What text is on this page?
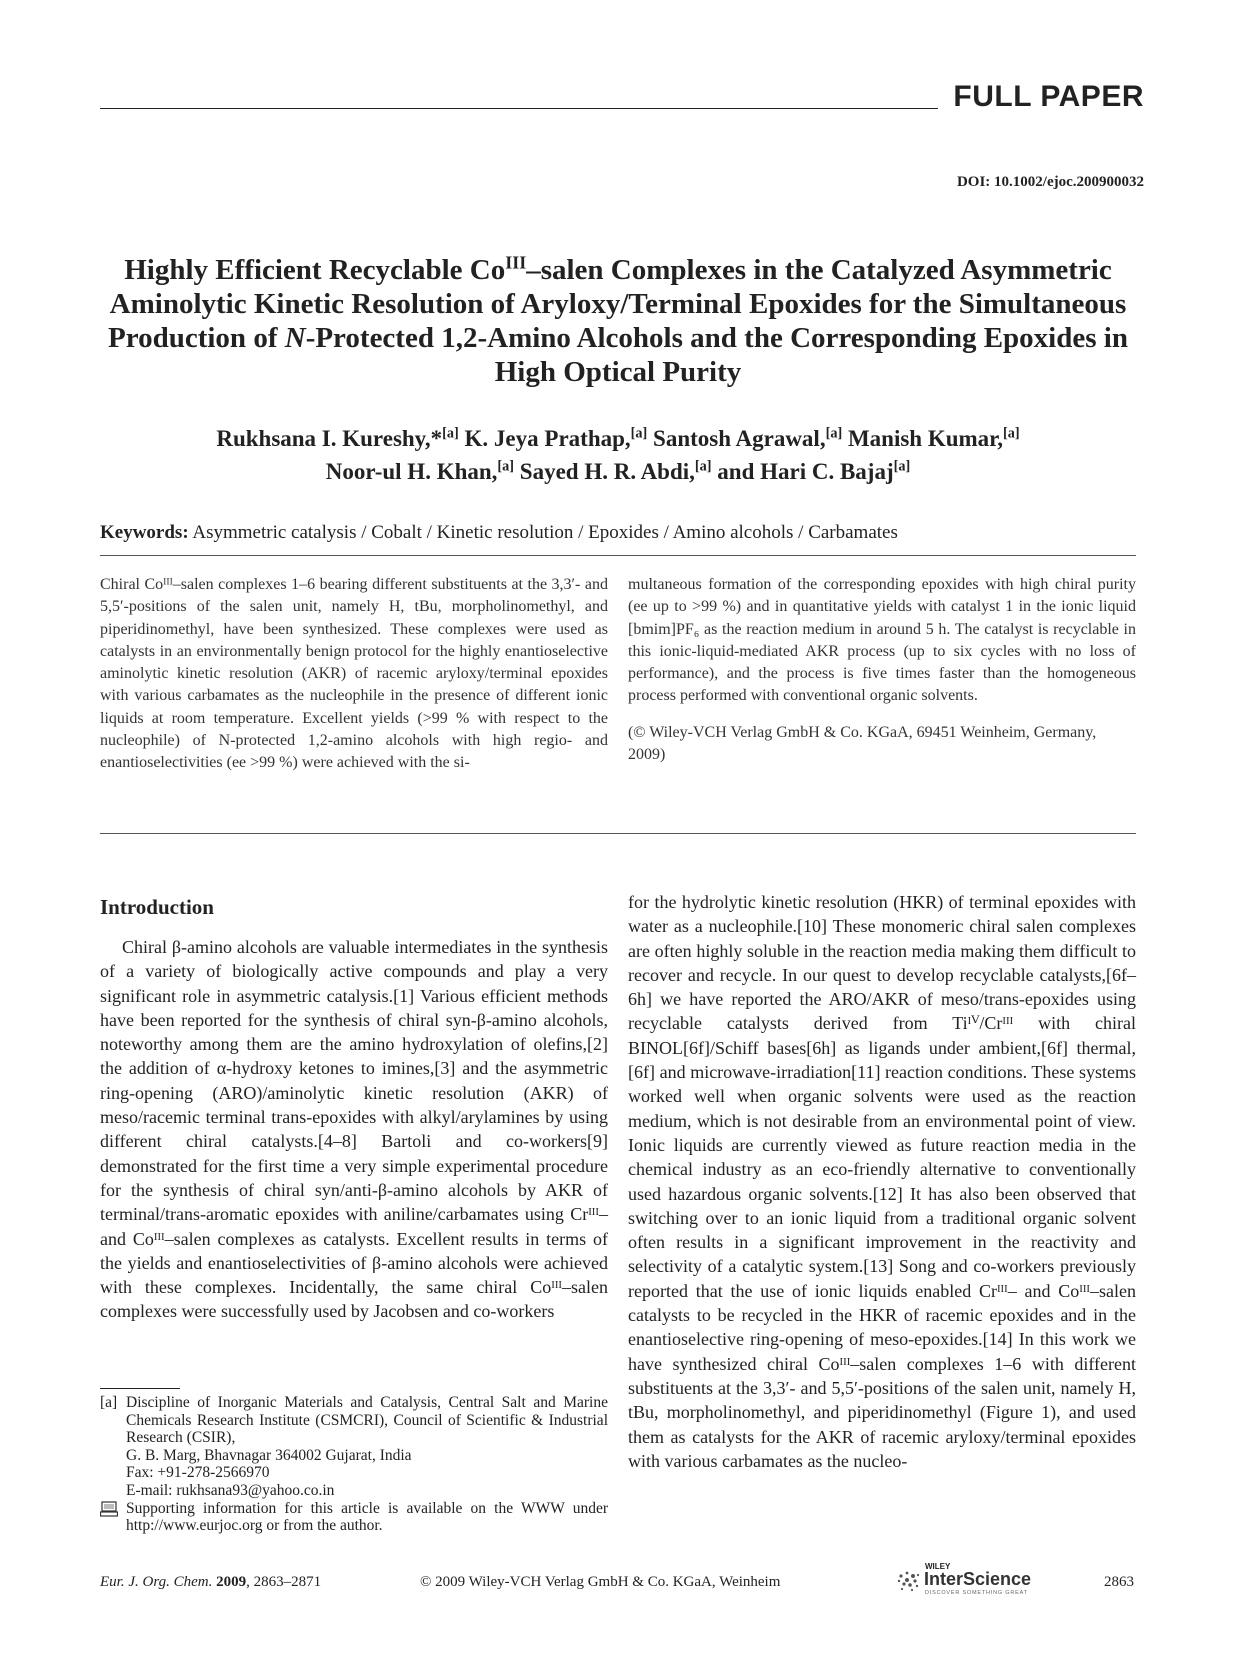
FULL PAPER
DOI: 10.1002/ejoc.200900032
Highly Efficient Recyclable $Co^{III}$–salen Complexes in the Catalyzed Asymmetric Aminolytic Kinetic Resolution of Aryloxy/Terminal Epoxides for the Simultaneous Production of N-Protected 1,2-Amino Alcohols and the Corresponding Epoxides in High Optical Purity
Rukhsana I. Kureshy,*[a] K. Jeya Prathap,[a] Santosh Agrawal,[a] Manish Kumar,[a]
Noor-ul H. Khan,[a] Sayed H. R. Abdi,[a] and Hari C. Bajaj[a]
Keywords: Asymmetric catalysis / Cobalt / Kinetic resolution / Epoxides / Amino alcohols / Carbamates

Chiral Coᴵᴵᴵ–salen complexes 1–6 bearing different substituents at the 3,3′- and 5,5′-positions of the salen unit, namely H, tBu, morpholinomethyl, and piperidinomethyl, have been synthesized. These complexes were used as catalysts in an environmentally benign protocol for the highly enantioselective aminolytic kinetic resolution (AKR) of racemic aryloxy/terminal epoxides with various carbamates as the nucleophile in the presence of different ionic liquids at room temperature. Excellent yields (>99 % with respect to the nucleophile) of N-protected 1,2-amino alcohols with high regio- and enantioselectivities (ee >99 %) were achieved with the si-

multaneous formation of the corresponding epoxides with high chiral purity (ee up to >99 %) and in quantitative yields with catalyst 1 in the ionic liquid [bmim]PF₆ as the reaction medium in around 5 h. The catalyst is recyclable in this ionic-liquid-mediated AKR process (up to six cycles with no loss of performance), and the process is five times faster than the homogeneous process performed with conventional organic solvents.

(© Wiley-VCH Verlag GmbH & Co. KGaA, 69451 Weinheim, Germany, 2009)

Introduction

Chiral β-amino alcohols are valuable intermediates in the synthesis of a variety of biologically active compounds and play a very significant role in asymmetric catalysis.[1] Various efficient methods have been reported for the synthesis of chiral syn-β-amino alcohols, noteworthy among them are the amino hydroxylation of olefins,[2] the addition of α-hydroxy ketones to imines,[3] and the asymmetric ring-opening (ARO)/aminolytic kinetic resolution (AKR) of meso/racemic terminal trans-epoxides with alkyl/arylamines by using different chiral catalysts.[4–8] Bartoli and co-workers[9] demonstrated for the first time a very simple experimental procedure for the synthesis of chiral syn/anti-β-amino alcohols by AKR of terminal/trans-aromatic epoxides with aniline/carbamates using Crᴵᴵᴵ– and Coᴵᴵᴵ–salen complexes as catalysts. Excellent results in terms of the yields and enantioselectivities of β-amino alcohols were achieved with these complexes. Incidentally, the same chiral Coᴵᴵᴵ–salen complexes were successfully used by Jacobsen and co-workers

for the hydrolytic kinetic resolution (HKR) of terminal epoxides with water as a nucleophile.[10] These monomeric chiral salen complexes are often highly soluble in the reaction media making them difficult to recover and recycle. In our quest to develop recyclable catalysts,[6f–6h] we have reported the ARO/AKR of meso/trans-epoxides using recyclable catalysts derived from Tiᴵⱽ/Crᴵᴵᴵ with chiral BINOL[6f]/Schiff bases[6h] as ligands under ambient,[6f] thermal,[6f] and microwave-irradiation[11] reaction conditions. These systems worked well when organic solvents were used as the reaction medium, which is not desirable from an environmental point of view. Ionic liquids are currently viewed as future reaction media in the chemical industry as an eco-friendly alternative to conventionally used hazardous organic solvents.[12] It has also been observed that switching over to an ionic liquid from a traditional organic solvent often results in a significant improvement in the reactivity and selectivity of a catalytic system.[13] Song and co-workers previously reported that the use of ionic liquids enabled Crᴵᴵᴵ– and Coᴵᴵᴵ–salen catalysts to be recycled in the HKR of racemic epoxides and in the enantioselective ring-opening of meso-epoxides.[14] In this work we have synthesized chiral Coᴵᴵᴵ–salen complexes 1–6 with different substituents at the 3,3′- and 5,5′-positions of the salen unit, namely H, tBu, morpholinomethyl, and piperidinomethyl (Figure 1), and used them as catalysts for the AKR of racemic aryloxy/terminal epoxides with various carbamates as the nucleo-

[a] Discipline of Inorganic Materials and Catalysis, Central Salt and Marine Chemicals Research Institute (CSMCRI), Council of Scientific & Industrial Research (CSIR),
G. B. Marg, Bhavnagar 364002 Gujarat, India
Fax: +91-278-2566970
E-mail: rukhsana93@yahoo.co.in
Supporting information for this article is available on the WWW under http://www.eurjoc.org or from the author.
Eur. J. Org. Chem. 2009, 2863–2871	© 2009 Wiley-VCH Verlag GmbH & Co. KGaA, Weinheim
WILEY
InterScience
DISCOVER SOMETHING GREAT
2863
